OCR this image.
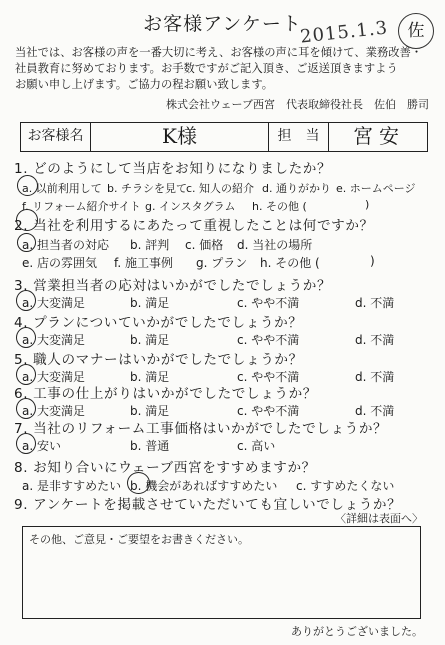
お客様アンケート
2015.1.3	佐
当社では、お客様の声を一番大切に考え、お客様の声に耳を傾けて、業務改善・
社員教育に努めております。お手数ですがご記入頂き、ご返送頂きますよう
お願い申し上げます。ご協力の程お願い致します。
株式会社ウェーブ西宮　代表取締役社長　佐伯　勝司
お客様名	K様	担　当	宮安
1. どのようにして当店をお知りになりましたか？
a. 以前利用して b. チラシを見て c. 知人の紹介 d. 通りがかり e. ホームページ
f. リフォーム紹介サイト g. インスタグラム h. その他 (	)
2. 当社を利用するにあたって重視したことは何ですか？
a. 担当者の対応 b. 評判 c. 価格 d. 当社の場所
e. 店の雰囲気 f. 施工事例 g. プラン h. その他 (	)
3. 営業担当者の応対はいかがでしたでしょうか？
a. 大変満足	b. 満足	c. やや不満	d. 不満
4. プランについていかがでしたでしょうか？
a. 大変満足	b. 満足	c. やや不満	d. 不満
5. 職人のマナーはいかがでしたでしょうか？
a. 大変満足	b. 満足	c. やや不満	d. 不満
6. 工事の仕上がりはいかがでしたでしょうか？
a. 大変満足	b. 満足	c. やや不満	d. 不満
7. 当社のリフォーム工事価格はいかがでしたでしょうか？
a. 安い	b. 普通	c. 高い
8. お知り合いにウェーブ西宮をすすめますか？
a. 是非すすめたい b. 機会があればすすめたい c. すすめたくない
9. アンケートを掲載させていただいても宜しいでしょうか？
〈詳細は表面へ〉
その他、ご意見・ご要望をお書きください。
ありがとうございました。
